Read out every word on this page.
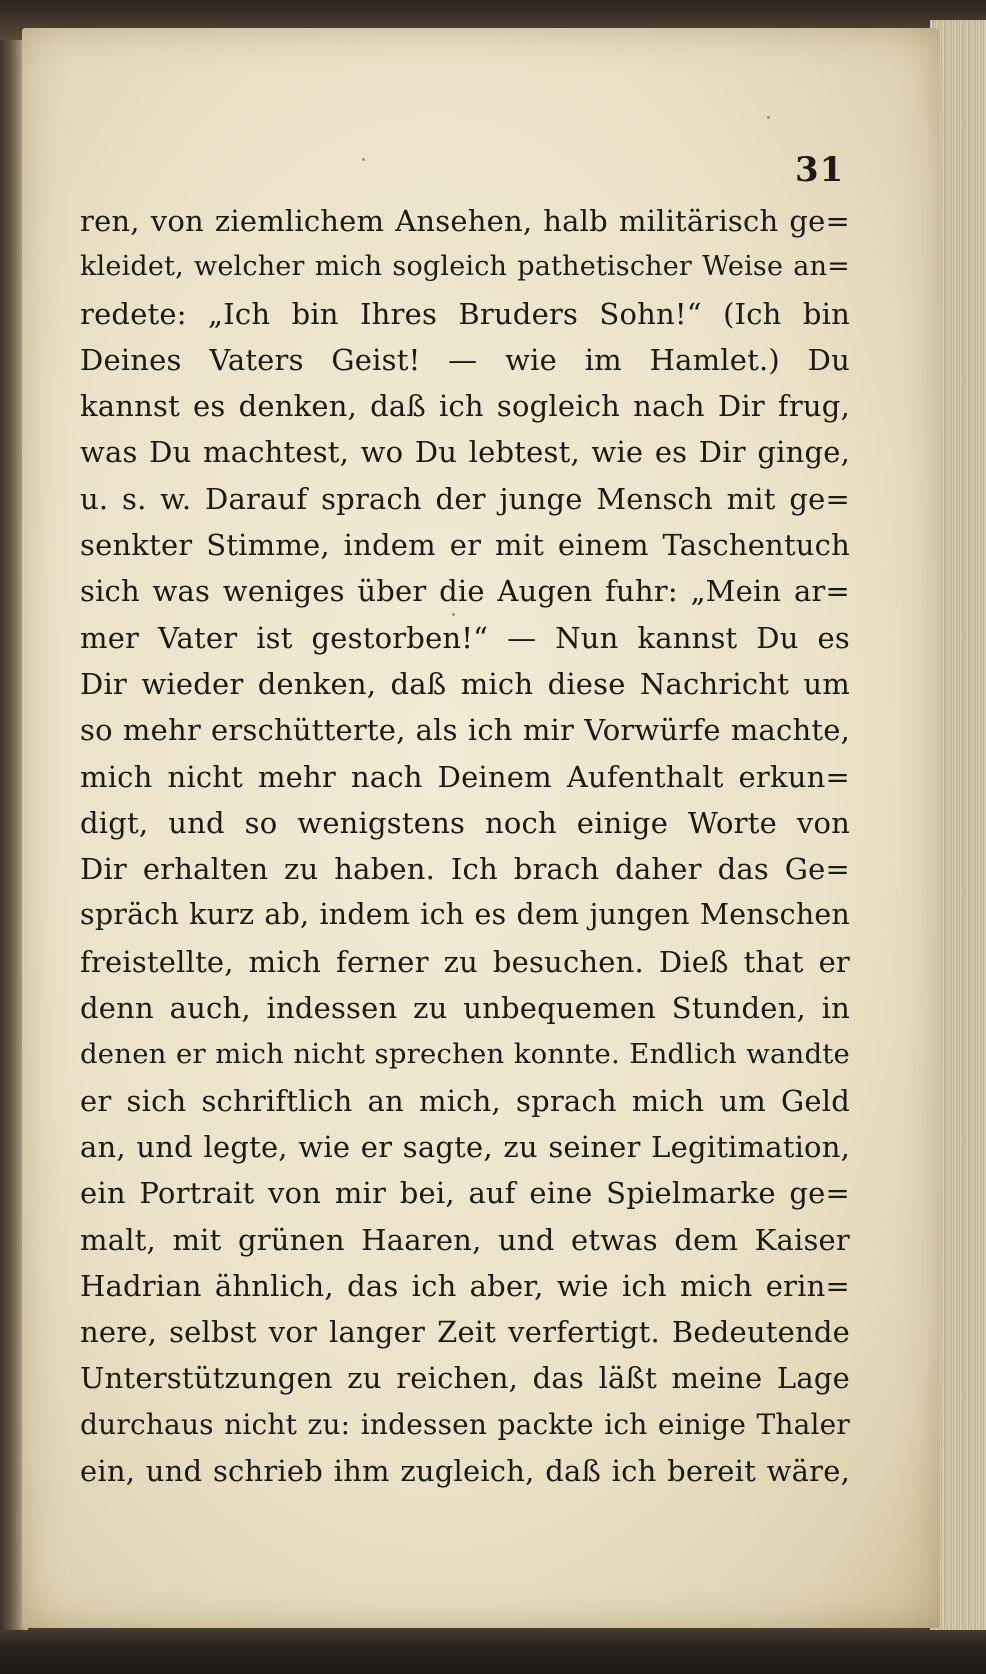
31
ren, von ziemlichem Ansehen, halb militärisch ge=
kleidet, welcher mich sogleich pathetischer Weise an=
redete: „Ich bin Ihres Bruders Sohn!“ (Ich bin
Deines Vaters Geist! — wie im Hamlet.) Du
kannst es denken, daß ich sogleich nach Dir frug,
was Du machtest, wo Du lebtest, wie es Dir ginge,
u. s. w. Darauf sprach der junge Mensch mit ge=
senkter Stimme, indem er mit einem Taschentuch
sich was weniges über die Augen fuhr: „Mein ar=
mer Vater ist gestorben!“ — Nun kannst Du es
Dir wieder denken, daß mich diese Nachricht um
so mehr erschütterte, als ich mir Vorwürfe machte,
mich nicht mehr nach Deinem Aufenthalt erkun=
digt, und so wenigstens noch einige Worte von
Dir erhalten zu haben. Ich brach daher das Ge=
spräch kurz ab, indem ich es dem jungen Menschen
freistellte, mich ferner zu besuchen. Dieß that er
denn auch, indessen zu unbequemen Stunden, in
denen er mich nicht sprechen konnte. Endlich wandte
er sich schriftlich an mich, sprach mich um Geld
an, und legte, wie er sagte, zu seiner Legitimation,
ein Portrait von mir bei, auf eine Spielmarke ge=
malt, mit grünen Haaren, und etwas dem Kaiser
Hadrian ähnlich, das ich aber, wie ich mich erin=
nere, selbst vor langer Zeit verfertigt. Bedeutende
Unterstützungen zu reichen, das läßt meine Lage
durchaus nicht zu: indessen packte ich einige Thaler
ein, und schrieb ihm zugleich, daß ich bereit wäre,
